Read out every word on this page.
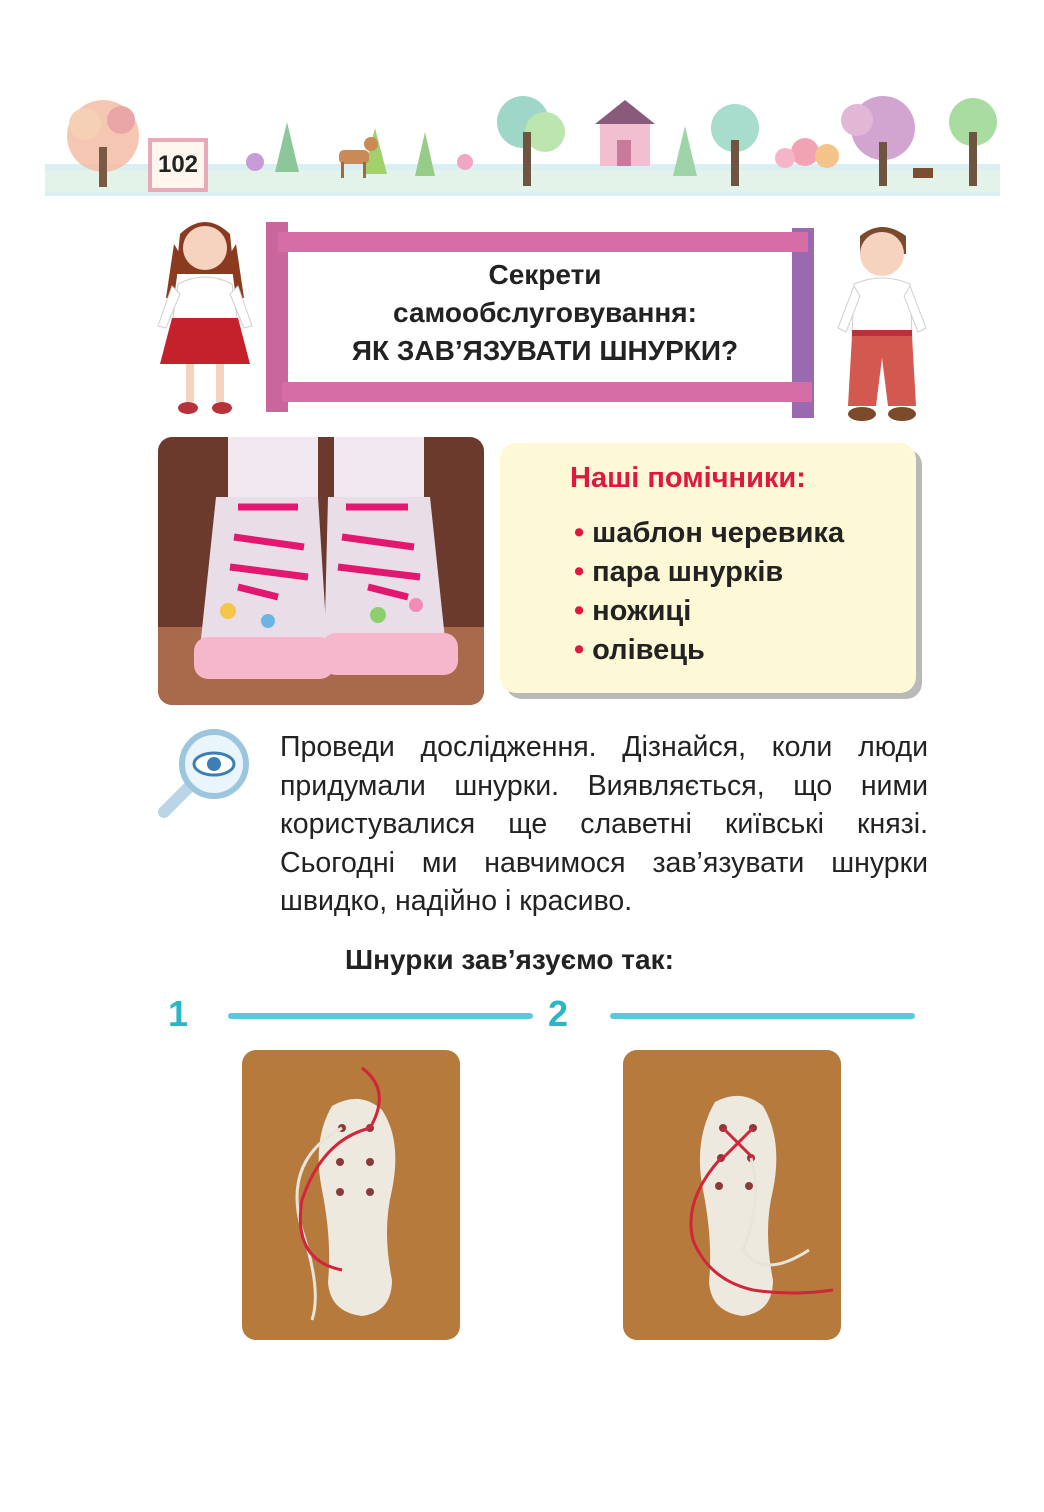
102
Секрети
самообслуговування:
ЯК ЗАВ’ЯЗУВАТИ ШНУРКИ?
Наші помічники:
• шаблон черевика
• пара шнурків
• ножиці
• олівець
Проведи дослідження. Дізнайся, коли люди придумали шнурки. Виявляється, що ними користувалися ще славетні київські князі. Сьогодні ми навчимося зав’язувати шнурки швидко, надійно і красиво.
Шнурки зав’язуємо так:
1	2
